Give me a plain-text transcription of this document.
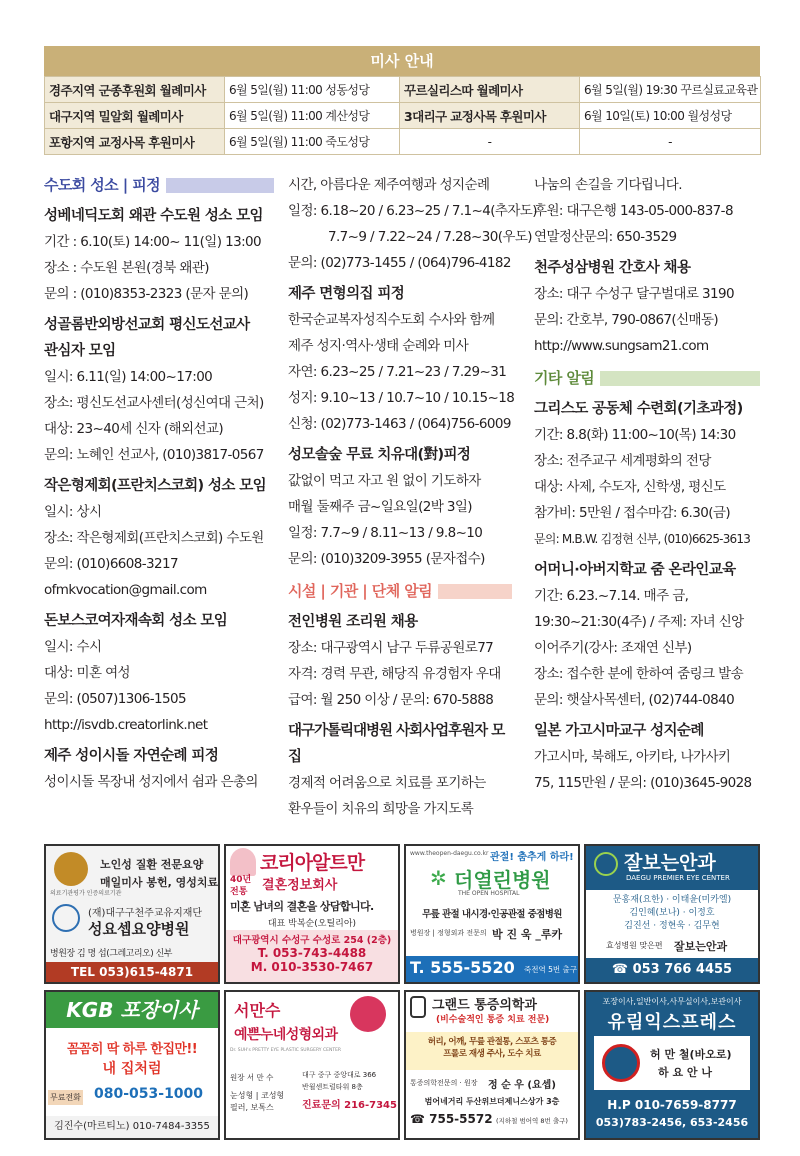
미사 안내
경주지역 군종후원회 월례미사	6월 5일(월) 11:00 성동성당	꾸르실리스따 월례미사	6월 5일(월) 19:30 꾸르실료교육관
대구지역 밀알회 월례미사	6월 5일(월) 11:00 계산성당	3대리구 교정사목 후원미사	6월 10일(토) 10:00 월성성당
포항지역 교정사목 후원미사	6월 5일(월) 11:00 죽도성당	-	-
수도회 성소 | 피정
성베네딕도회 왜관 수도원 성소 모임
기간 : 6.10(토) 14:00~ 11(일) 13:00
장소 : 수도원 본원(경북 왜관)
문의 : (010)8353-2323 (문자 문의)
성골롬반외방선교회 평신도선교사
관심자 모임
일시: 6.11(일) 14:00~17:00
장소: 평신도선교사센터(성신여대 근처)
대상: 23~40세 신자 (해외선교)
문의: 노혜인 선교사, (010)3817-0567
작은형제회(프란치스코회) 성소 모임
일시: 상시
장소: 작은형제회(프란치스코회) 수도원
문의: (010)6608-3217
ofmkvocation@gmail.com
돈보스코여자재속회 성소 모임
일시: 수시
대상: 미혼 여성
문의: (0507)1306-1505
http://isvdb.creatorlink.net
제주 성이시돌 자연순례 피정
성이시돌 목장내 성지에서 쉼과 은총의
시간, 아름다운 제주여행과 성지순례
일정: 6.18~20 / 6.23~25 / 7.1~4(추자도)
7.7~9 / 7.22~24 / 7.28~30(우도)
문의: (02)773-1455 / (064)796-4182
제주 면형의집 피정
한국순교복자성직수도회 수사와 함께
제주 성지·역사·생태 순례와 미사
자연: 6.23~25 / 7.21~23 / 7.29~31
성지: 9.10~13 / 10.7~10 / 10.15~18
신청: (02)773-1463 / (064)756-6009
성모솔숲 무료 치유대(對)피정
값없이 먹고 자고 원 없이 기도하자
매월 둘째주 금~일요일(2박 3일)
일정: 7.7~9 / 8.11~13 / 9.8~10
문의: (010)3209-3955 (문자접수)
시설 | 기관 | 단체 알림
전인병원 조리원 채용
장소: 대구광역시 남구 두류공원로77
자격: 경력 무관, 해당직 유경험자 우대
급여: 월 250 이상 / 문의: 670-5888
대구가톨릭대병원 사회사업후원자 모집
경제적 어려움으로 치료를 포기하는
환우들이 치유의 희망을 가지도록
나눔의 손길을 기다립니다.
후원: 대구은행 143-05-000-837-8
연말정산문의: 650-3529
천주성삼병원 간호사 채용
장소: 대구 수성구 달구벌대로 3190
문의: 간호부, 790-0867(신매동)
http://www.sungsam21.com
기타 알림
그리스도 공동체 수련회(기초과정)
기간: 8.8(화) 11:00~10(목) 14:30
장소: 전주교구 세계평화의 전당
대상: 사제, 수도자, 신학생, 평신도
참가비: 5만원 / 접수마감: 6.30(금)
문의: M.B.W. 김정현 신부, (010)6625-3613
어머니·아버지학교 줌 온라인교육
기간: 6.23.~7.14. 매주 금,
19:30~21:30(4주) / 주제: 자녀 신앙
이어주기(강사: 조재연 신부)
장소: 접수한 분에 한하여 줌링크 발송
문의: 햇살사목센터, (02)744-0840
일본 가고시마교구 성지순례
가고시마, 북해도, 아키타, 나가사키
75, 115만원 / 문의: (010)3645-9028
의료기관평가 인증의료기관
노인성 질환 전문요양
매일미사 봉헌, 영성치료
(재)대구구천주교유지재단
성요셉요양병원
병원장 김 명 섭(그레고리오) 신부
TEL 053)615-4871
40년
전통
코리아알트만
결혼정보회사
미혼 남녀의 결혼을 상담합니다.
대표 박복순(오틸리아)
대구광역시 수성구 수성로 254 (2층)
T. 053-743-4488
M. 010-3530-7467
www.theopen-daegu.co.kr 관절! 춤추게 하라!
✲ 더열린병원
THE OPEN HOSPITAL
무릎 관절 내시경·인공관절 중점병원
병원장 | 정형외과 전문의 박 진 욱 _루카
T. 555-5520 죽전역 5번 출구
잘보는안과
DAEGU PREMIER EYE CENTER
문홍재(요한) · 이태윤(미카엘)
김인혜(보나) · 이정호
김진선 · 정현욱 · 김무현
효성병원 맞은편 잘보는안과
☎ 053 766 4455
KGB 포장이사
꼼꼼히 딱 하루 한집만!!
내 집처럼
무료전화 080-053-1000
김진수(마르티노) 010-7484-3355
서만수
예쁜누네성형외과
Dr. SUH's PRETTY EYE PLASTIC SURGERY CENTER
원장 서 만 수
눈성형 | 코성형
필러, 보톡스
대구 중구 중앙대로 366
반월센트럴타워 8층
진료문의 216-7345
그랜드 통증의학과
(비수술적인 통증 치료 전문)
허리, 어깨, 무릎 관절통, 스포츠 통증
프롤로 재생 주사, 도수 치료
통증의학전문의 · 원장 정 순 우 (요셉)
범어네거리 두산위브더제니스상가 3층
☎ 755-5572 (지하철 범어역 8번 출구)
포장이사,일반이사,사무실이사,보관이사
유림익스프레스
허 만 철(바오로)
하 요 안 나
H.P 010-7659-8777
053)783-2456, 653-2456
